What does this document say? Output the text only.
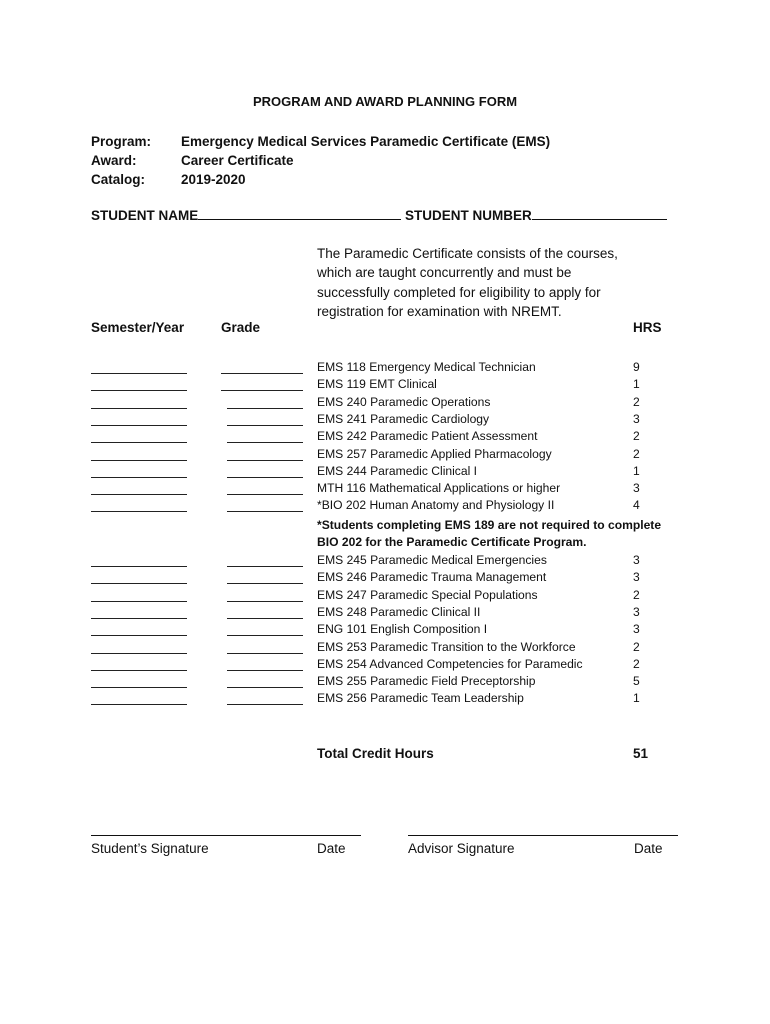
PROGRAM AND AWARD PLANNING FORM
Program: Emergency Medical Services Paramedic Certificate (EMS)
Award:	Career Certificate
Catalog:	2019-2020
STUDENT NAME	STUDENT NUMBER
The Paramedic Certificate consists of the courses, which are taught concurrently and must be successfully completed for eligibility to apply for registration for examination with NREMT.
Semester/Year	Grade	HRS
EMS 118 Emergency Medical Technician	9
EMS 119 EMT Clinical	1
EMS 240 Paramedic Operations	2
EMS 241 Paramedic Cardiology	3
EMS 242 Paramedic Patient Assessment	2
EMS 257 Paramedic Applied Pharmacology	2
EMS 244 Paramedic Clinical I	1
MTH 116 Mathematical Applications or higher	3
*BIO 202 Human Anatomy and Physiology II	4
*Students completing EMS 189 are not required to complete
BIO 202 for the Paramedic Certificate Program.
EMS 245 Paramedic Medical Emergencies	3
EMS 246 Paramedic Trauma Management	3
EMS 247 Paramedic Special Populations	2
EMS 248 Paramedic Clinical II	3
ENG 101 English Composition I	3
EMS 253 Paramedic Transition to the Workforce	2
EMS 254 Advanced Competencies for Paramedic	2
EMS 255 Paramedic Field Preceptorship	5
EMS 256 Paramedic Team Leadership	1
Total Credit Hours	51
Student’s Signature	Date	Advisor Signature	Date
